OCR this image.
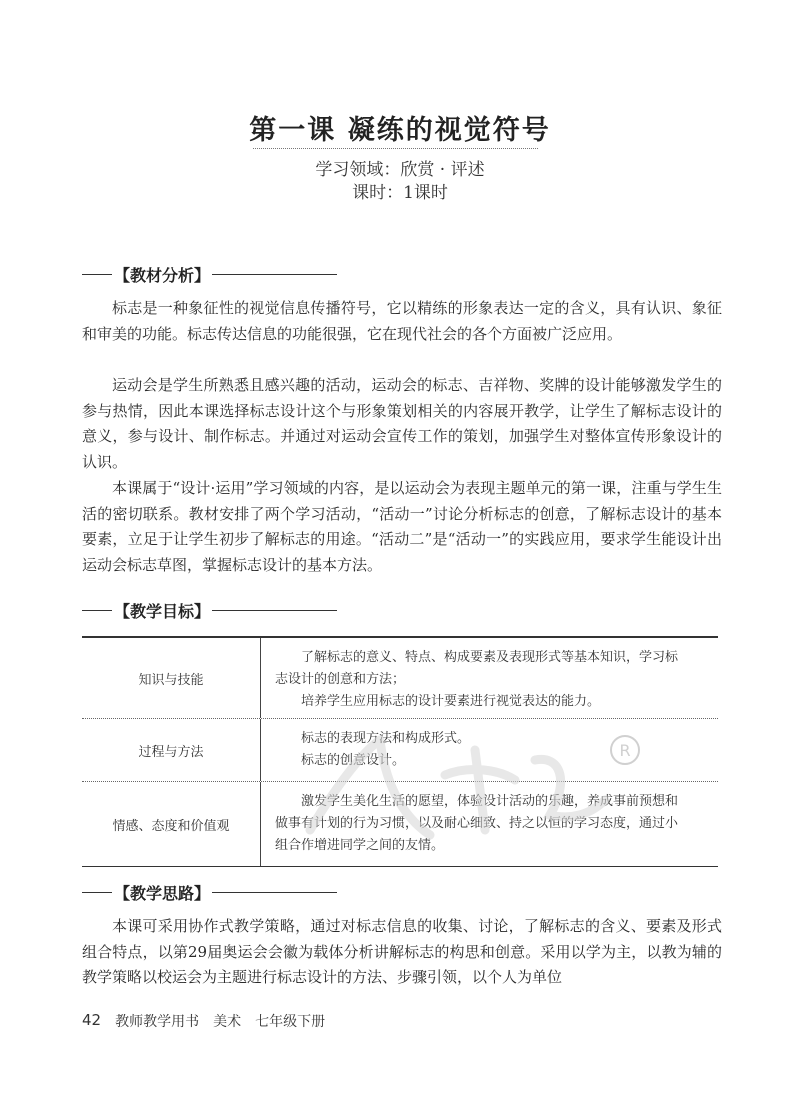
第一课 凝练的视觉符号
学习领域：欣赏 · 评述
课时：1课时
【教材分析】

标志是一种象征性的视觉信息传播符号，它以精练的形象表达一定的含义，具有认识、象征和审美的功能。标志传达信息的功能很强，它在现代社会的各个方面被广泛应用。

运动会是学生所熟悉且感兴趣的活动，运动会的标志、吉祥物、奖牌的设计能够激发学生的参与热情，因此本课选择标志设计这个与形象策划相关的内容展开教学，让学生了解标志设计的意义，参与设计、制作标志。并通过对运动会宣传工作的策划，加强学生对整体宣传形象设计的认识。

本课属于“设计·运用”学习领域的内容，是以运动会为表现主题单元的第一课，注重与学生生活的密切联系。教材安排了两个学习活动，“活动一”讨论分析标志的创意，了解标志设计的基本要素，立足于让学生初步了解标志的用途。“活动二”是“活动一”的实践应用，要求学生能设计出运动会标志草图，掌握标志设计的基本方法。

【教学目标】
知识与技能

了解标志的意义、特点、构成要素及表现形式等基本知识，学习标志设计的创意和方法；

培养学生应用标志的设计要素进行视觉表达的能力。

过程与方法

标志的表现方法和构成形式。

标志的创意设计。

情感、态度和价值观

激发学生美化生活的愿望，体验设计活动的乐趣，养成事前预想和做事有计划的行为习惯，以及耐心细致、持之以恒的学习态度，通过小组合作增进同学之间的友情。

R
【教学思路】

本课可采用协作式教学策略，通过对标志信息的收集、讨论，了解标志的含义、要素及形式组合特点，以第29届奥运会会徽为载体分析讲解标志的构思和创意。采用以学为主，以教为辅的教学策略以校运会为主题进行标志设计的方法、步骤引领，以个人为单位

42 教师教学用书 美术 七年级下册
